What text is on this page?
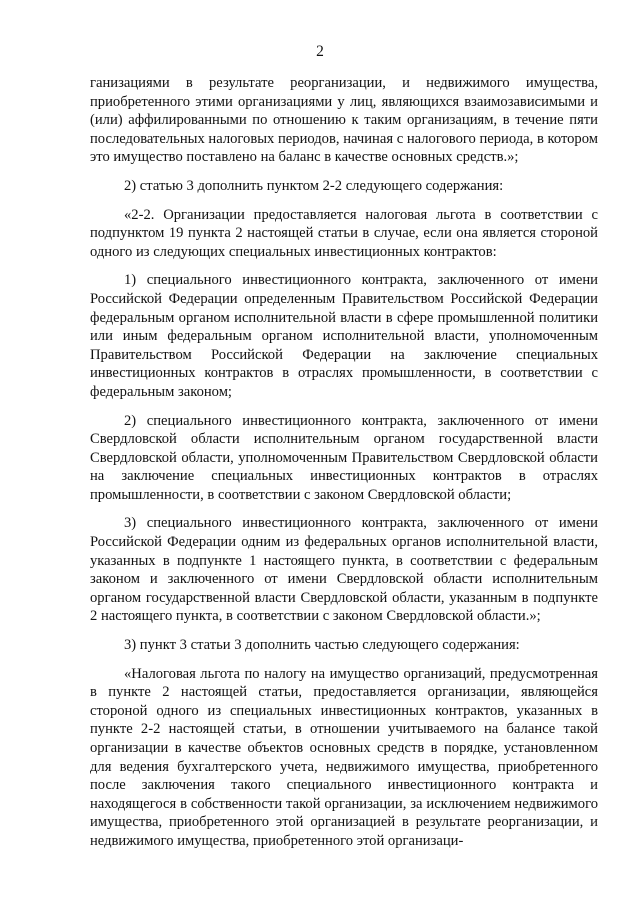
2

ганизациями в результате реорганизации, и недвижимого имущества, приобретенного этими организациями у лиц, являющихся взаимозависимыми и (или) аффилированными по отношению к таким организациям, в течение пяти последовательных налоговых периодов, начиная с налогового периода, в котором это имущество поставлено на баланс в качестве основных средств.»;

2) статью 3 дополнить пунктом 2-2 следующего содержания:

«2-2. Организации предоставляется налоговая льгота в соответствии с подпунктом 19 пункта 2 настоящей статьи в случае, если она является стороной одного из следующих специальных инвестиционных контрактов:

1) специального инвестиционного контракта, заключенного от имени Российской Федерации определенным Правительством Российской Федерации федеральным органом исполнительной власти в сфере промышленной политики или иным федеральным органом исполнительной власти, уполномоченным Правительством Российской Федерации на заключение специальных инвестиционных контрактов в отраслях промышленности, в соответствии с федеральным законом;

2) специального инвестиционного контракта, заключенного от имени Свердловской области исполнительным органом государственной власти Свердловской области, уполномоченным Правительством Свердловской области на заключение специальных инвестиционных контрактов в отраслях промышленности, в соответствии с законом Свердловской области;

3) специального инвестиционного контракта, заключенного от имени Российской Федерации одним из федеральных органов исполнительной власти, указанных в подпункте 1 настоящего пункта, в соответствии с федеральным законом и заключенного от имени Свердловской области исполнительным органом государственной власти Свердловской области, указанным в подпункте 2 настоящего пункта, в соответствии с законом Свердловской области.»;

3) пункт 3 статьи 3 дополнить частью следующего содержания:

«Налоговая льгота по налогу на имущество организаций, предусмотренная в пункте 2 настоящей статьи, предоставляется организации, являющейся стороной одного из специальных инвестиционных контрактов, указанных в пункте 2-2 настоящей статьи, в отношении учитываемого на балансе такой организации в качестве объектов основных средств в порядке, установленном для ведения бухгалтерского учета, недвижимого имущества, приобретенного после заключения такого специального инвестиционного контракта и находящегося в собственности такой организации, за исключением недвижимого имущества, приобретенного этой организацией в результате реорганизации, и недвижимого имущества, приобретенного этой организаци-
